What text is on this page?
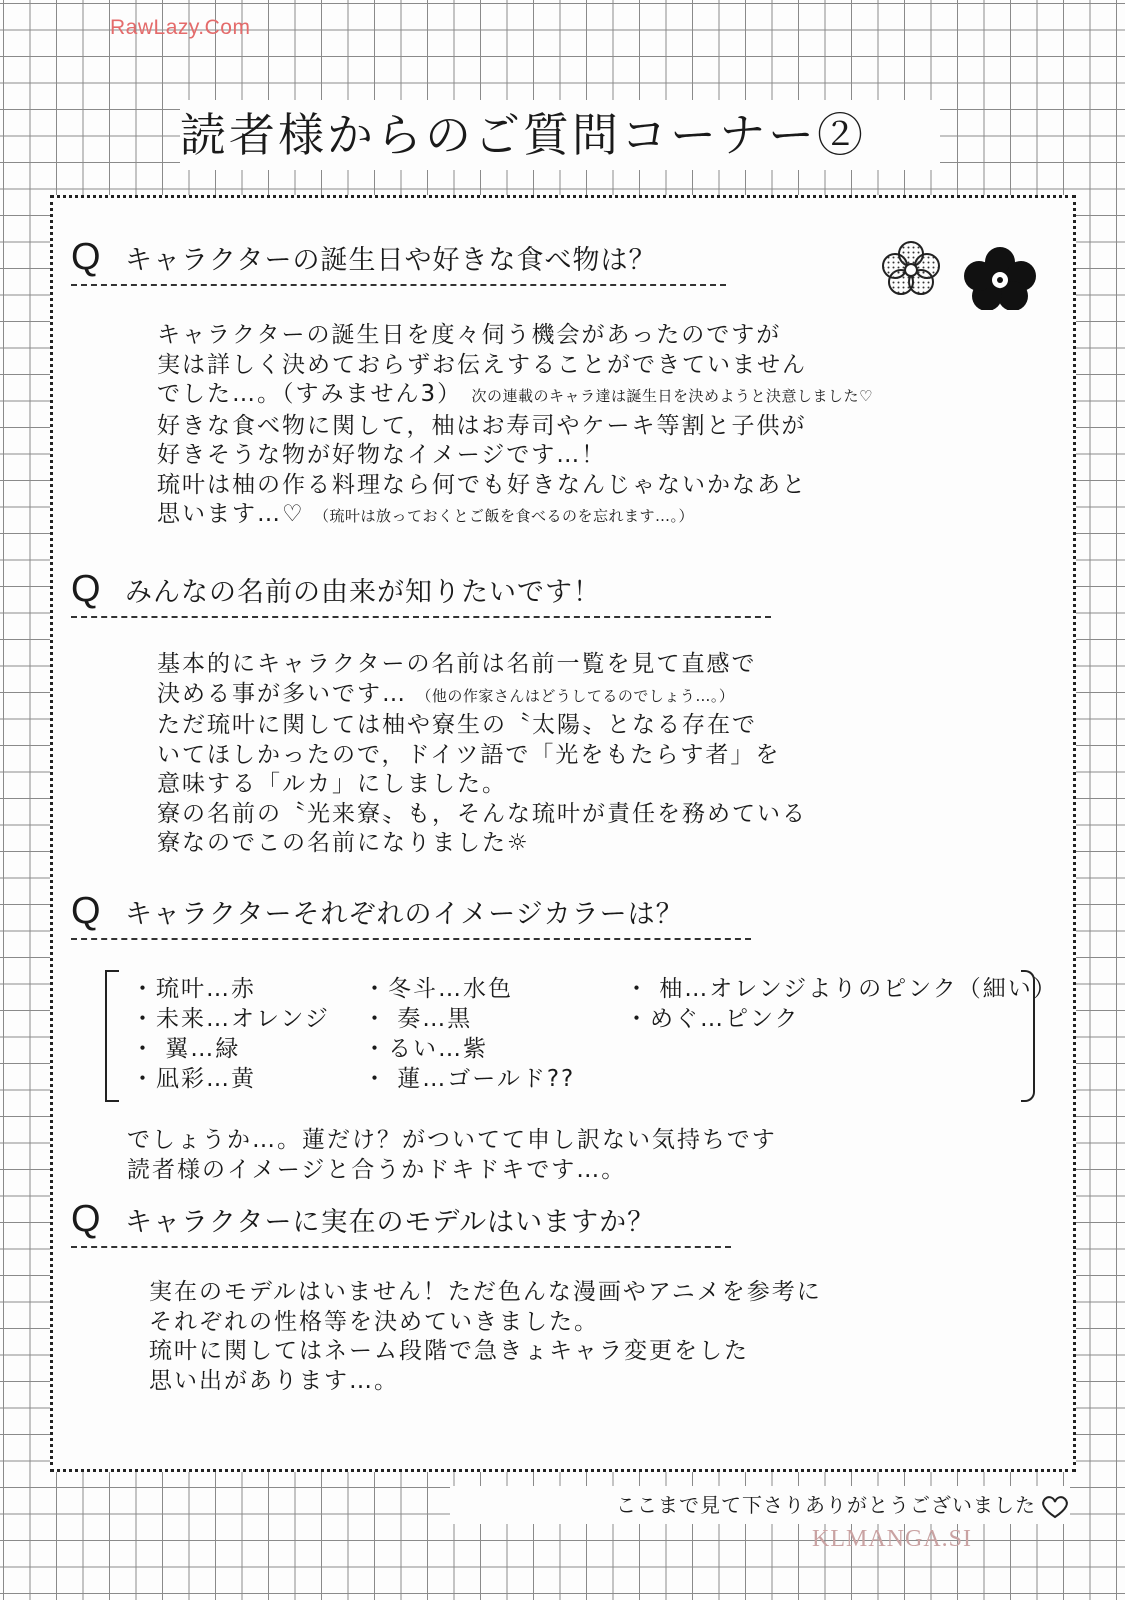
RawLazy.Com
読者様からのご質問コーナー②
Q キャラクターの誕生日や好きな食べ物は？
キャラクターの誕生日を度々伺う機会があったのですが
実は詳しく決めておらずお伝えすることができていません
でした…。（すみません3） 次の連載のキャラ達は誕生日を決めようと決意しました♡
好きな食べ物に関して，柚はお寿司やケーキ等割と子供が
好きそうな物が好物なイメージです…！
琉叶は柚の作る料理なら何でも好きなんじゃないかなあと
思います…♡ （琉叶は放っておくとご飯を食べるのを忘れます…。）
Q みんなの名前の由来が知りたいです！
基本的にキャラクターの名前は名前一覧を見て直感で
決める事が多いです… （他の作家さんはどうしてるのでしょう…。）
ただ琉叶に関しては柚や寮生の〝太陽〟となる存在で
いてほしかったので，ドイツ語で「光をもたらす者」を
意味する「ルカ」にしました。
寮の名前の〝光来寮〟も，そんな琉叶が責任を務めている
寮なのでこの名前になりました☼
Q キャラクターそれぞれのイメージカラーは？
・琉叶…赤
・未来…オレンジ
・ 翼…緑
・凪彩…黄
・冬斗…水色
・ 奏…黒
・るい…紫
・ 蓮…ゴールド??
・ 柚…オレンジよりのピンク（細い）
・めぐ…ピンク
でしょうか…。蓮だけ？がついてて申し訳ない気持ちです
読者様のイメージと合うかドキドキです…。
Q キャラクターに実在のモデルはいますか？
実在のモデルはいません！ただ色んな漫画やアニメを参考に
それぞれの性格等を決めていきました。
琉叶に関してはネーム段階で急きょキャラ変更をした
思い出があります…。
ここまで見て下さりありがとうございました
KLMANGA.SI
